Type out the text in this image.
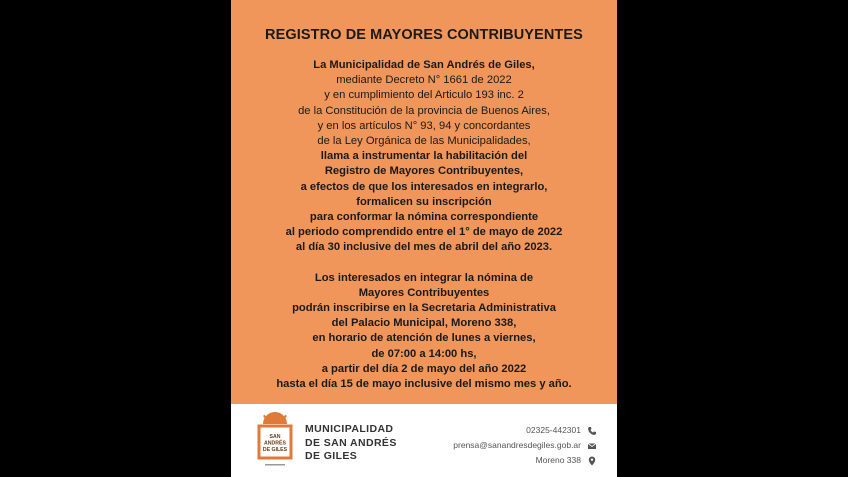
REGISTRO DE MAYORES CONTRIBUYENTES
La Municipalidad de San Andrés de Giles,
mediante Decreto N° 1661 de 2022
y en cumplimiento del Articulo 193 inc. 2
de la Constitución de la provincia de Buenos Aires,
y en los artículos N° 93, 94 y concordantes
de la Ley Orgánica de las Municipalidades,
llama a instrumentar la habilitación del
Registro de Mayores Contribuyentes,
a efectos de que los interesados en integrarlo,
formalicen su inscripción
para conformar la nómina correspondiente
al periodo comprendido entre el 1° de mayo de 2022
al día 30 inclusive del mes de abril del año 2023.
Los interesados en integrar la nómina de
Mayores Contribuyentes
podrán inscribirse en la Secretaria Administrativa
del Palacio Municipal, Moreno 338,
en horario de atención de lunes a viernes,
de 07:00 a 14:00 hs,
a partir del día 2 de mayo del año 2022
hasta el día 15 de mayo inclusive del mismo mes y año.
SAN
ANDRÉS
DE GILES
MUNICIPALIDAD
DE SAN ANDRÉS
DE GILES
02325-442301
prensa@sanandresdegiles.gob.ar
Moreno 338
